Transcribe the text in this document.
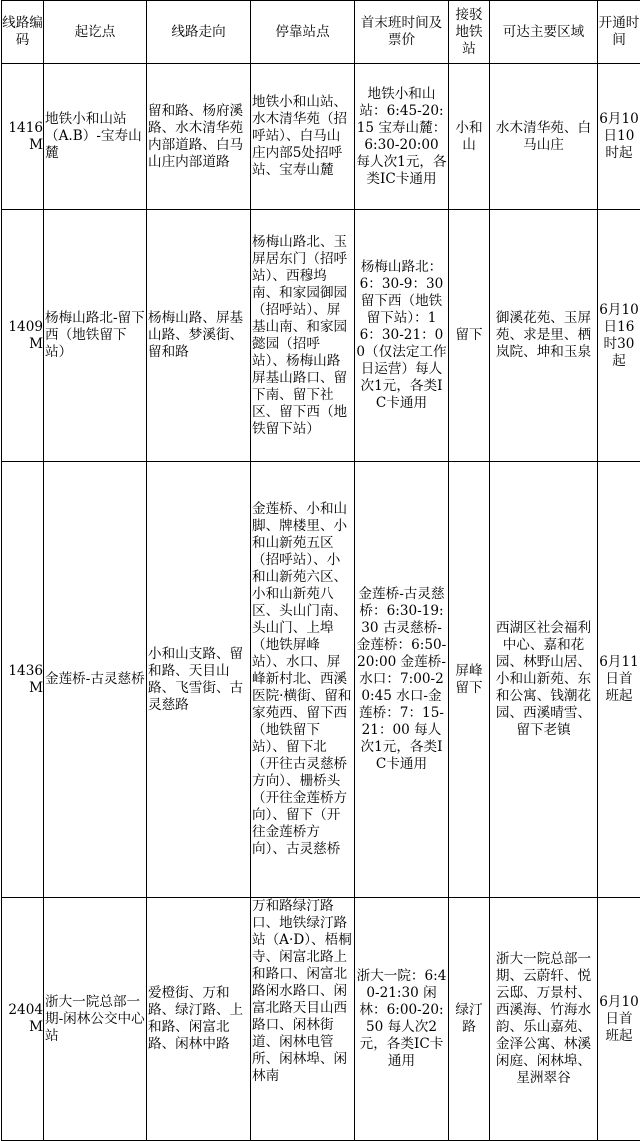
线路编码	起讫点	线路走向	停靠站点	首末班时间及票价	接驳地铁站	可达主要区域	开通时间
1416M	地铁小和山站（A.B）-宝寿山麓	留和路、杨府溪路、水木清华苑内部道路、白马山庄内部道路	地铁小和山站、水木清华苑（招呼站）、白马山庄内部5处招呼站、宝寿山麓	地铁小和山站：6:45-20:15 宝寿山麓：6:30-20:00 每人次1元，各类IC卡通用	小和山	水木清华苑、白马山庄	6月10日10时起
1409M	杨梅山路北-留下西（地铁留下站）	杨梅山路、屏基山路、梦溪街、留和路	杨梅山路北、玉屏居东门（招呼站）、西穆坞南、和家园御园（招呼站）、屏基山南、和家园懿园（招呼站）、杨梅山路屏基山路口、留下南、留下社区、留下西（地铁留下站）	杨梅山路北：6：30-9：30 留下西（地铁留下站）：16：30-21：00（仅法定工作日运营）每人次1元，各类IC卡通用	留下	御溪花苑、玉屏苑、求是里、栖岚院、坤和玉泉	6月10日16时30起
1436M	金莲桥-古灵慈桥	小和山支路、留和路、天目山路、飞雪街、古灵慈路	金莲桥、小和山脚、牌楼里、小和山新苑五区（招呼站）、小和山新苑六区、小和山新苑八区、头山门南、头山门、上埠（地铁屏峰站）、水口、屏峰新村北、西溪医院·横街、留和家苑西、留下西（地铁留下站）、留下北（开往古灵慈桥方向）、栅桥头（开往金莲桥方向）、留下（开往金莲桥方向）、古灵慈桥	金莲桥-古灵慈桥：6:30-19:30 古灵慈桥-金莲桥：6:50-20:00 金莲桥-水口：7:00-20:45 水口-金莲桥：7：15-21：00 每人次1元，各类IC卡通用	屏峰留下	西湖区社会福利中心、嘉和花园、林野山居、小和山新苑、东和公寓、钱潮花园、西溪晴雪、留下老镇	6月11日首班起
2404M	浙大一院总部一期-闲林公交中心站	爱橙街、万和路、绿汀路、上和路、闲富北路、闲林中路	万和路绿汀路口、地铁绿汀路站（A·D）、梧桐寺、闲富北路上和路口、闲富北路闲水路口、闲富北路天目山西路口、闲林街道、闲林电管所、闲林埠、闲林南	浙大一院：6:40-21:30 闲林：6:00-20:50 每人次2元，各类IC卡通用	绿汀路	浙大一院总部一期、云蔚轩、悦云邸、万景村、西溪海、竹海水韵、乐山嘉苑、金泽公寓、林溪闲庭、闲林埠、星洲翠谷	6月10日首班起
